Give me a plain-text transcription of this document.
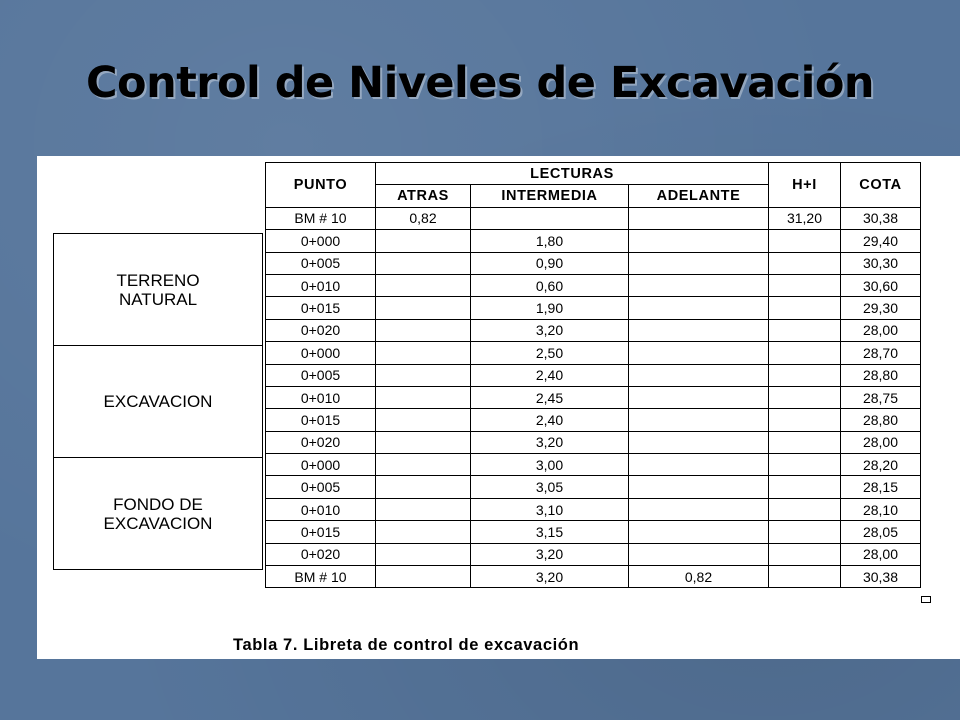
Control de Niveles de Excavación
TERRENO
NATURAL
EXCAVACION
FONDO DE
EXCAVACION
PUNTO	LECTURAS			H+I	COTA
	ATRAS	INTERMEDIA	ADELANTE		
BM # 10	0,82			31,20	30,38
0+000		1,80			29,40
0+005		0,90			30,30
0+010		0,60			30,60
0+015		1,90			29,30
0+020		3,20			28,00
0+000		2,50			28,70
0+005		2,40			28,80
0+010		2,45			28,75
0+015		2,40			28,80
0+020		3,20			28,00
0+000		3,00			28,20
0+005		3,05			28,15
0+010		3,10			28,10
0+015		3,15			28,05
0+020		3,20			28,00
BM # 10		3,20	0,82		30,38
Tabla 7. Libreta de control de excavación
